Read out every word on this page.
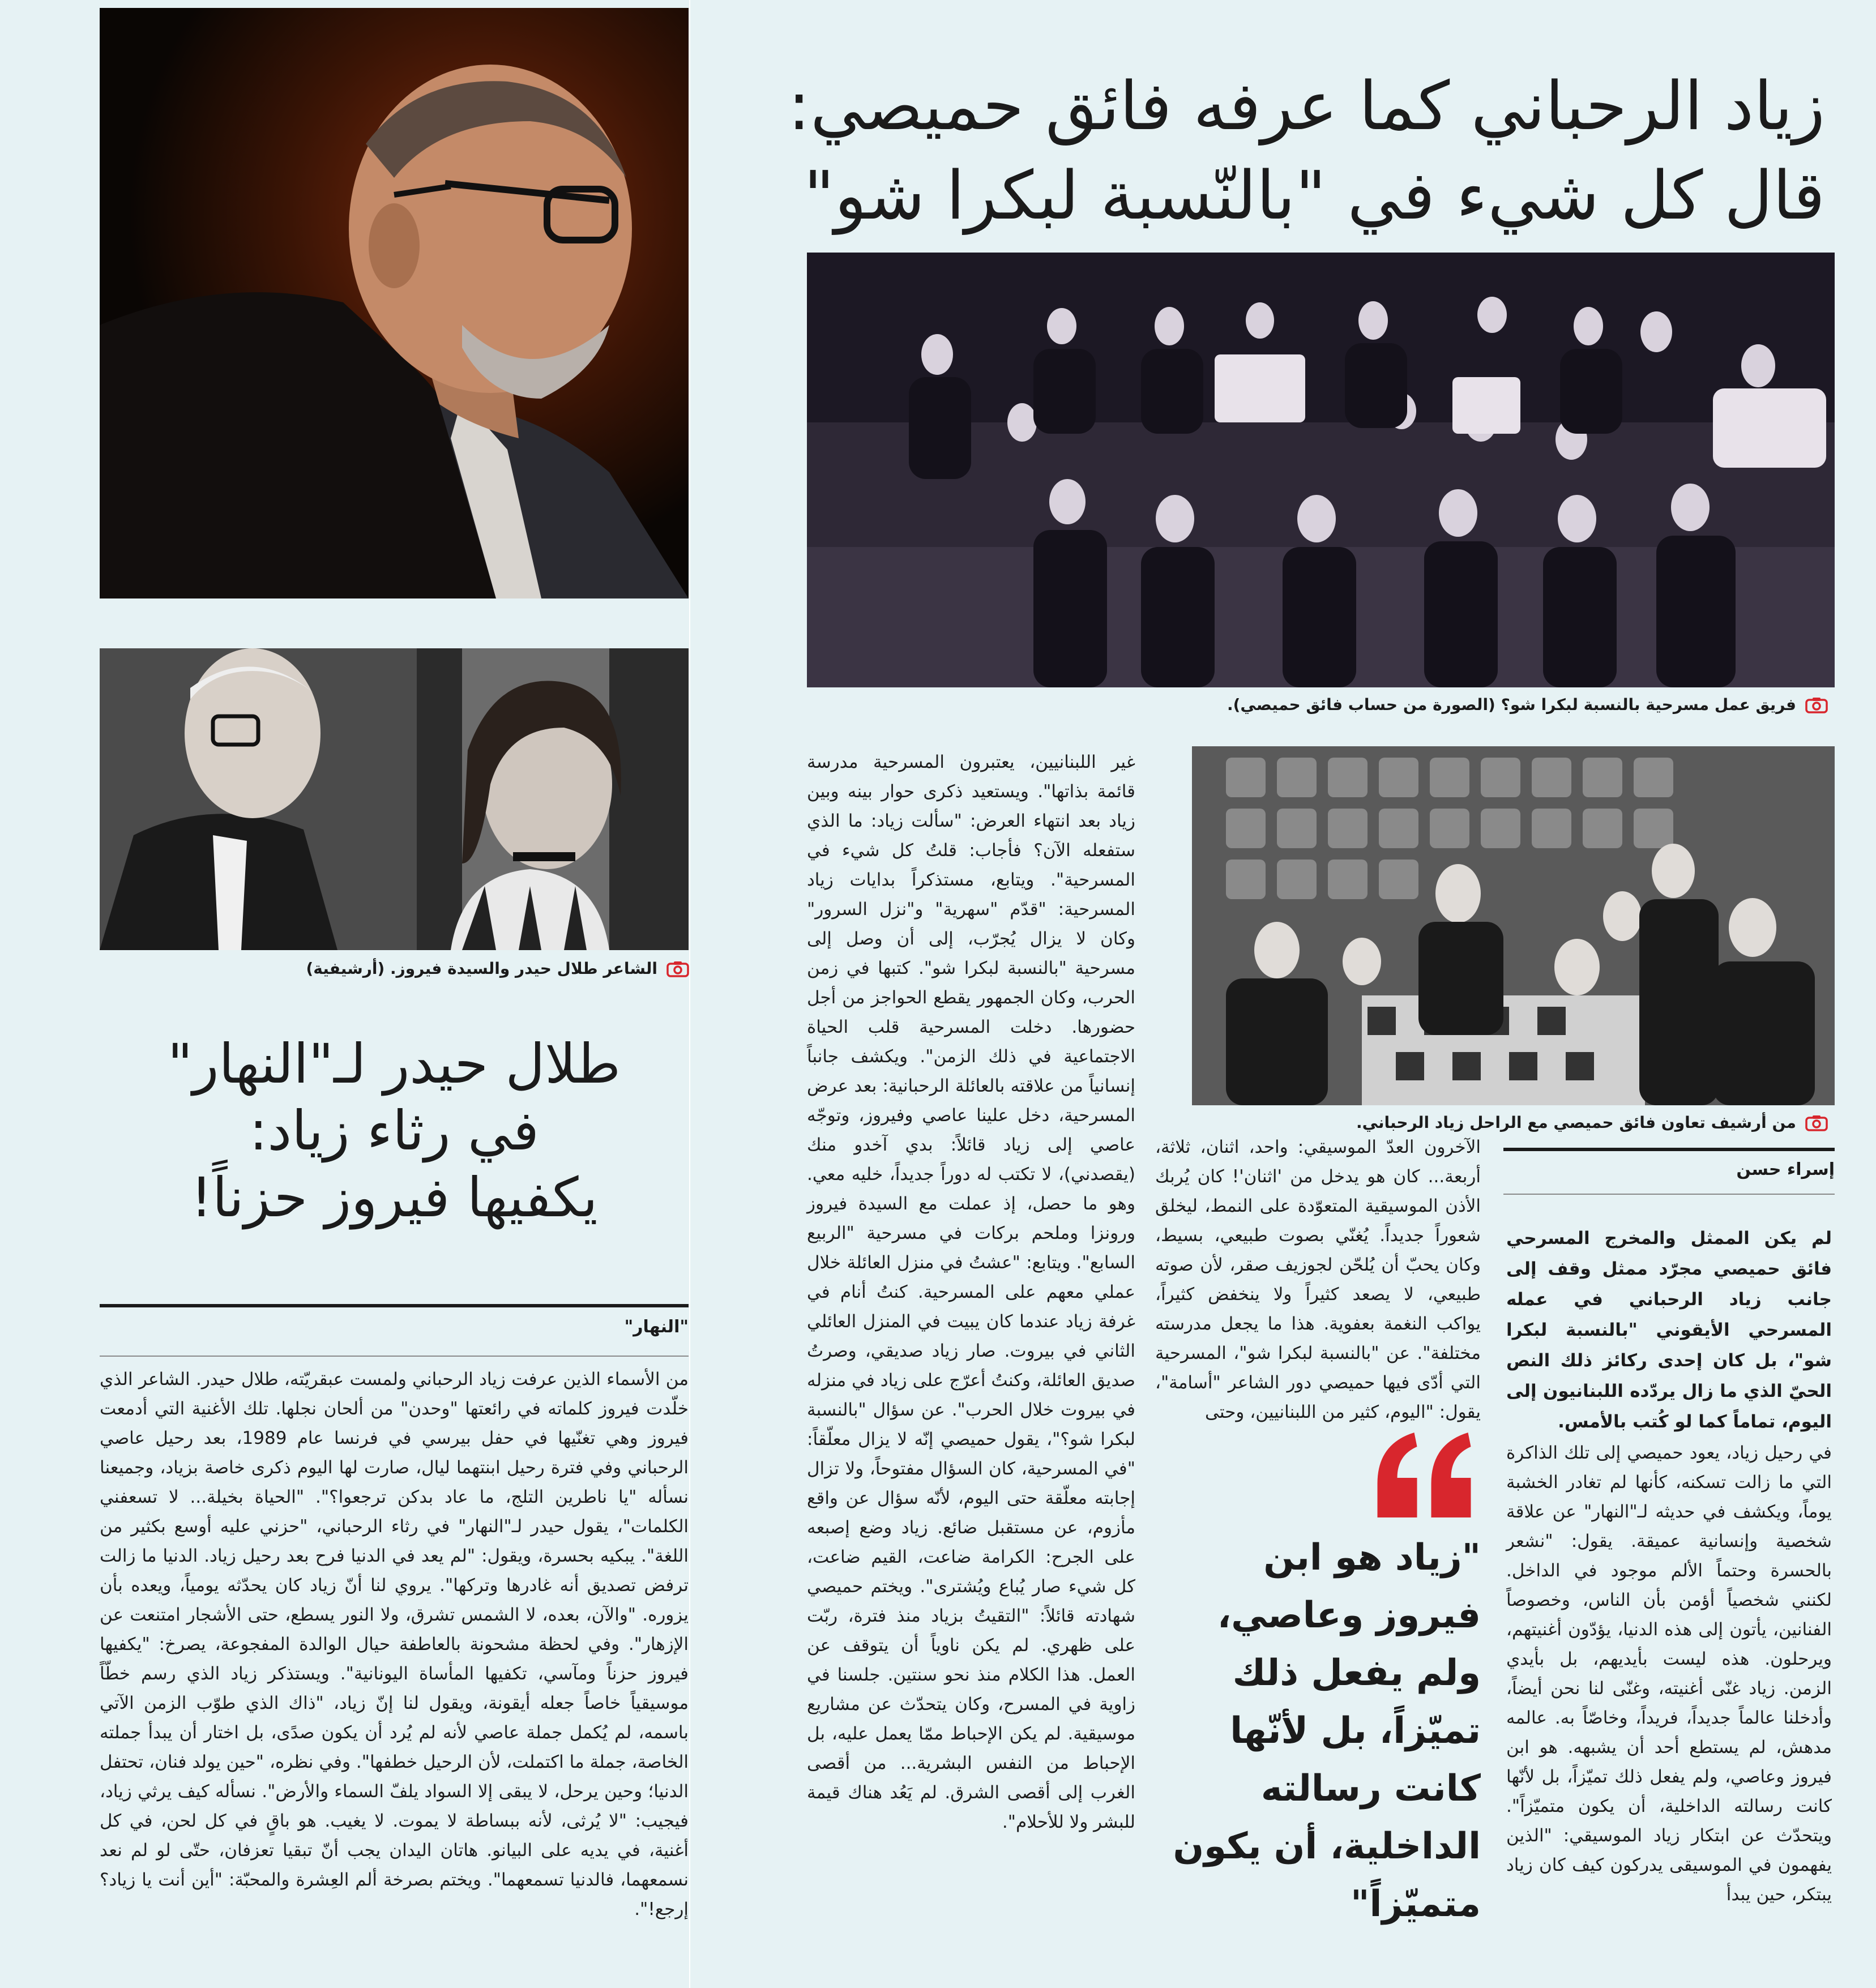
الشاعر طلال حيدر والسيدة فيروز. (أرشيفية)
طلال حيدر لـ"النهار"
في رثاء زياد:
يكفيها فيروز حزناً!
"النهار"

من الأسماء الذين عرفت زياد الرحباني ولمست عبقريّته، طلال حيدر. الشاعر الذي خلّدت فيروز كلماته في رائعتها "وحدن" من ألحان نجلها. تلك الأغنية التي أدمعت فيروز وهي تغنّيها في حفل بيرسي في فرنسا عام 1989، بعد رحيل عاصي الرحباني وفي فترة رحيل ابنتهما ليال، صارت لها اليوم ذكرى خاصة بزياد، وجميعنا نسأله "يا ناطرين التلج، ما عاد بدكن ترجعوا؟". "الحياة بخيلة... لا تسعفني الكلمات"، يقول حيدر لـ"النهار" في رثاء الرحباني، "حزني عليه أوسع بكثير من اللغة". يبكيه بحسرة، ويقول: "لم يعد في الدنيا فرح بعد رحيل زياد. الدنيا ما زالت ترفض تصديق أنه غادرها وتركها". يروي لنا أنّ زياد كان يحدّثه يومياً، ويعده بأن يزوره. "والآن، بعده، لا الشمس تشرق، ولا النور يسطع، حتى الأشجار امتنعت عن الإزهار". وفي لحظة مشحونة بالعاطفة حيال الوالدة المفجوعة، يصرخ: "يكفيها فيروز حزناً ومآسي، تكفيها المأساة اليونانية". ويستذكر زياد الذي رسم خطّاً موسيقياً خاصاً جعله أيقونة، ويقول لنا إنّ زياد، "ذاك الذي طوّب الزمن الآتي باسمه، لم يُكمل جملة عاصي لأنه لم يُرد أن يكون صدًى، بل اختار أن يبدأ جملته الخاصة، جملة ما اكتملت، لأن الرحيل خطفها". وفي نظره، "حين يولد فنان، تحتفل الدنيا؛ وحين يرحل، لا يبقى إلا السواد يلفّ السماء والأرض". نسأله كيف يرثي زياد، فيجيب: "لا يُرثى، لأنه ببساطة لا يموت. لا يغيب. هو باقٍ في كل لحن، في كل أغنية، في يديه على البيانو. هاتان اليدان يجب أنّ تبقيا تعزفان، حتّى لو لم نعد نسمعهما، فالدنيا تسمعهما". ويختم بصرخة ألم العِشرة والمحبّة: "أين أنت يا زياد؟ إرجع!".

زياد الرحباني كما عرفه فائق حميصي:
قال كل شيء في "بالنّسبة لبكرا شو"
فريق عمل مسرحية بالنسبة لبكرا شو؟ (الصورة من حساب فائق حميصي).
من أرشيف تعاون فائق حميصي مع الراحل زياد الرحباني.
إسراء حسن
لم يكن الممثل والمخرج المسرحي فائق حميصي مجرّد ممثل وقف إلى جانب زياد الرحباني في عمله المسرحي الأيقوني "بالنسبة لبكرا شو"، بل كان إحدى ركائز ذلك النص الحيّ الذي ما زال يردّده اللبنانيون إلى اليوم، تماماً كما لو كُتب بالأمس.

في رحيل زياد، يعود حميصي إلى تلك الذاكرة التي ما زالت تسكنه، كأنها لم تغادر الخشبة يوماً، ويكشف في حديثه لـ"النهار" عن علاقة شخصية وإنسانية عميقة. يقول: "نشعر بالحسرة وحتماً الألم موجود في الداخل. لكنني شخصياً أؤمن بأن الناس، وخصوصاً الفنانين، يأتون إلى هذه الدنيا، يؤدّون أغنيتهم، ويرحلون. هذه ليست بأيديهم، بل بأيدي الزمن. زياد غنّى أغنيته، وغنّى لنا نحن أيضاً، وأدخلنا عالماً جديداً، فريداً، وخاصّاً به. عالمه مدهش، لم يستطع أحد أن يشبهه. هو ابن فيروز وعاصي، ولم يفعل ذلك تميّزاً، بل لأنّها كانت رسالته الداخلية، أن يكون متميّزاً". ويتحدّث عن ابتكار زياد الموسيقي: "الذين يفهمون في الموسيقى يدركون كيف كان زياد يبتكر، حين يبدأ

الآخرون العدّ الموسيقي: واحد، اثنان، ثلاثة، أربعة... كان هو يدخل من 'اثنان'! كان يُربك الأذن الموسيقية المتعوّدة على النمط، ليخلق شعوراً جديداً. يُغنّي بصوت طبيعي، بسيط، وكان يحبّ أن يُلحّن لجوزيف صقر، لأن صوته طبيعي، لا يصعد كثيراً ولا ينخفض كثيراً، يواكب النغمة بعفوية. هذا ما يجعل مدرسته مختلفة". عن "بالنسبة لبكرا شو"، المسرحية التي أدّى فيها حميصي دور الشاعر "أسامة"، يقول: "اليوم، كثير من اللبنانيين، وحتى

"زياد هو ابن فيروز وعاصي، ولم يفعل ذلك تميّزاً، بل لأنّها كانت رسالته الداخلية، أن يكون متميّزاً"

غير اللبنانيين، يعتبرون المسرحية مدرسة قائمة بذاتها". ويستعيد ذكرى حوار بينه وبين زياد بعد انتهاء العرض: "سألت زياد: ما الذي ستفعله الآن؟ فأجاب: قلتُ كل شيء في المسرحية". ويتابع، مستذكراً بدايات زياد المسرحية: "قدّم "سهرية" و"نزل السرور" وكان لا يزال يُجرّب، إلى أن وصل إلى مسرحية "بالنسبة لبكرا شو". كتبها في زمن الحرب، وكان الجمهور يقطع الحواجز من أجل حضورها. دخلت المسرحية قلب الحياة الاجتماعية في ذلك الزمن". ويكشف جانباً إنسانياً من علاقته بالعائلة الرحبانية: بعد عرض المسرحية، دخل علينا عاصي وفيروز، وتوجّه عاصي إلى زياد قائلاً: بدي آخدو منك (يقصدني)، لا تكتب له دوراً جديداً، خليه معي. وهو ما حصل، إذ عملت مع السيدة فيروز ورونزا وملحم بركات في مسرحية "الربيع السابع". ويتابع: "عشتُ في منزل العائلة خلال عملي معهم على المسرحية. كنتُ أنام في غرفة زياد عندما كان يبيت في المنزل العائلي الثاني في بيروت. صار زياد صديقي، وصرتُ صديق العائلة، وكنتُ أعرّج على زياد في منزله في بيروت خلال الحرب". عن سؤال "بالنسبة لبكرا شو؟"، يقول حميصي إنّه لا يزال معلّقاً: "في المسرحية، كان السؤال مفتوحاً، ولا تزال إجابته معلّقة حتى اليوم، لأنّه سؤال عن واقع مأزوم، عن مستقبل ضائع. زياد وضع إصبعه على الجرح: الكرامة ضاعت، القيم ضاعت، كل شيء صار يُباع ويُشترى". ويختم حميصي شهادته قائلاً: "التقيتُ بزياد منذ فترة، ربّت على ظهري. لم يكن ناوياً أن يتوقف عن العمل. هذا الكلام منذ نحو سنتين. جلسنا في زاوية في المسرح، وكان يتحدّث عن مشاريع موسيقية. لم يكن الإحباط ممّا يعمل عليه، بل الإحباط من النفس البشرية... من أقصى الغرب إلى أقصى الشرق. لم يَعُد هناك قيمة للبشر ولا للأحلام".
